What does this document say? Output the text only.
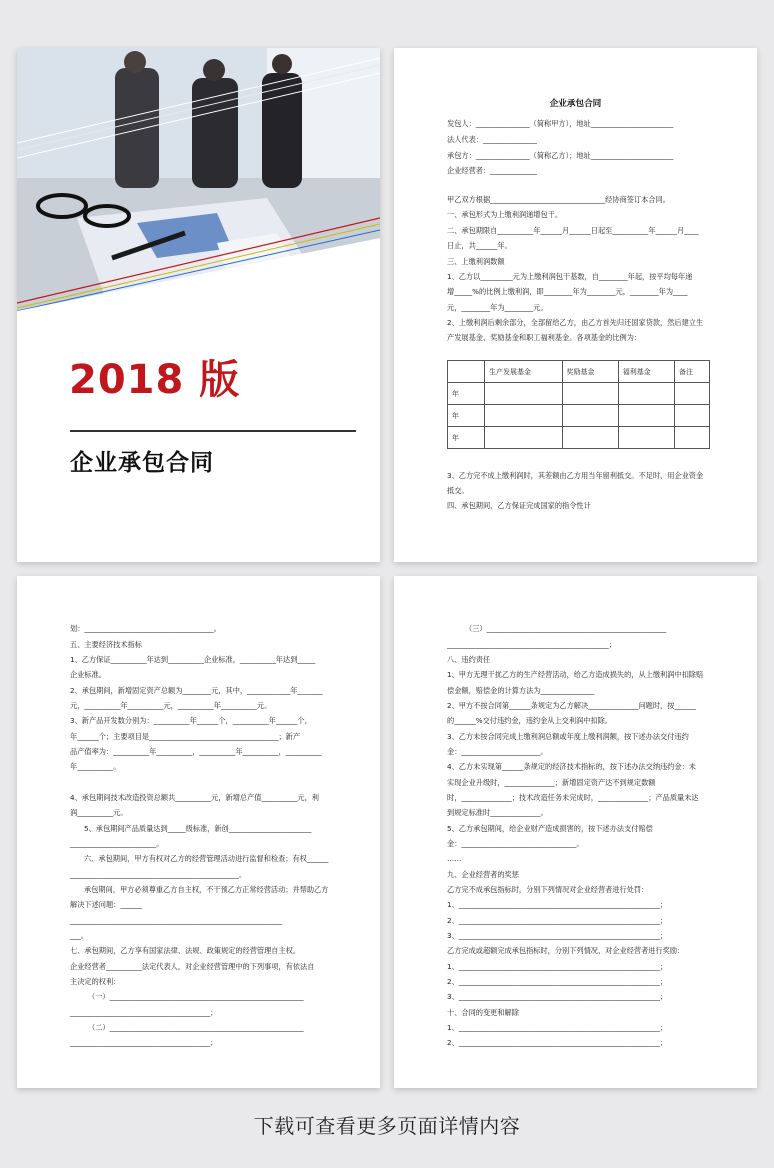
2018 版
企业承包合同
企业承包合同
发包人：_______________（简称甲方），地址_______________________
法人代表：_______________
承包方：_______________（简称乙方）；地址_______________________
企业经营者：_____________
甲乙双方根据________________________________经协商签订本合同。
一、承包形式为上缴利润递增包干。
二、承包期限自__________年______月______日起至__________年______月____
日止，共______年。
三、上缴利润数额
1、乙方以_________元为上缴利润包干基数，自________年起，按平均每年递
增_____%的比例上缴利润，即________年为________元，________年为____
元，________年为________元。
2、上缴利润后剩余部分，全部留给乙方，由乙方首先归还国家贷款，然后建立生
产发展基金、奖励基金和职工福利基金。各项基金的比例为：
	生产发展基金	奖励基金	福利基金	备注
年				
年				
年				
3、乙方完不成上缴利润时，其差额由乙方用当年留利抵交。不足时，用企业资金
抵交。
四、承包期间，乙方保证完成国家的指令性计
划：____________________________________。
五、主要经济技术指标
1、乙方保证__________年达到__________企业标准，__________年达到_____
企业标准。
2、承包期间，新增固定资产总额为________元，其中，____________年_______
元，__________年__________元，__________年__________元。
3、新产品开发数分别为：__________年______个，__________年______个，
年______个；主要项目是____________________________________；新产
品产值率为：__________年__________，__________年__________，__________
年__________。
4、承包期间技术改造投资总额共__________元，新增总产值__________元，利
润__________元。
5、承包期间产品质量达到_____级标准，新创_______________________
________________________。
六、承包期间，甲方有权对乙方的经营管理活动进行监督和检查；有权______
_______________________________________________。
承包期间，甲方必须尊重乙方自主权，不干预乙方正常经营活动；并帮助乙方
解决下述问题：______
___________________________________________________________
___。
七、承包期间，乙方享有国家法律、法规、政策规定的经营管理自主权。
企业经营者__________法定代表人，对企业经营管理中的下列事项，有依法自
主决定的权利：
（一）______________________________________________________
_______________________________________；
（二）______________________________________________________
_______________________________________；
（三）__________________________________________________
_____________________________________________；
八、违约责任
1、甲方无理干扰乙方的生产经营活动，给乙方造成损失的，从上缴利润中扣除赔
偿金额，赔偿金的计算方法为_______________
2、甲方不按合同第______条规定为乙方解决______________问题时，按______
的______%交付违约金，违约金从上交利润中扣除。
3、乙方未按合同完成上缴利润总额或年度上缴利润额，按下述办法交付违约
金：______________________。
4、乙方未实现第______条规定的经济技术指标的，按下述办法交纳违约金：未
实现企业升级时，______________；新增固定资产达不到规定数额
时，______________；技术改造任务未完成时，______________；产品质量未达
到规定标准时______________。
5、乙方承包期间，给企业财产造成损害的，按下述办法支付赔偿
金：________________________________。
……
九、企业经营者的奖惩
乙方完不成承包指标时，分别下列情况对企业经营者进行处罚：
1、________________________________________________________；
2、________________________________________________________；
3、________________________________________________________；
乙方完成或超额完成承包指标时，分别下列情况，对企业经营者进行奖励：
1、________________________________________________________；
2、________________________________________________________；
3、________________________________________________________；
十、合同的变更和解除
1、________________________________________________________；
2、________________________________________________________；
下载可查看更多页面详情内容
